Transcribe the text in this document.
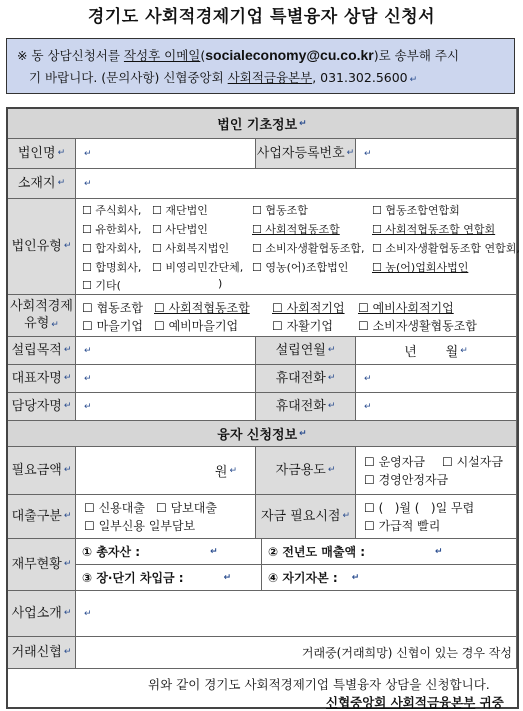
경기도 사회적경제기업 특별융자 상담 신청서
※ 동 상담신청서를 작성후 이메일(socialeconomy@cu.co.kr)로 송부해 주시
기 바랍니다. (문의사항) 신협중앙회 사회적금융본부, 031.302.5600 ↵
법인 기초정보 ↵
법인명 ↵ ↵	사업자등록번호 ↵ ↵
소재지 ↵ ↵
법인유형 ↵
☐ 주식회사, ☐ 재단법인	☐ 협동조합	☐ 협동조합연합회
☐ 유한회사, ☐ 사단법인	☐ 사회적협동조합	☐ 사회적협동조합 연합회
☐ 합자회사, ☐ 사회복지법인 ☐ 소비자생활협동조합, ☐ 소비자생활협동조합 연합회,
☐ 합명회사, ☐ 비영리민간단체, ☐ 영농(어)조합법인 ☐ 농(어)업회사법인
☐ 기타(	)
사회적경제
유형 ↵
☐ 협동조합 ☐ 사회적협동조합 ☐ 사회적기업 ☐ 예비사회적기업
☐ 마을기업 ☐ 예비마을기업	☐ 자활기업 ☐ 소비자생활협동조합
설립목적 ↵ ↵	설립연월 ↵	년       월 ↵
대표자명 ↵ ↵	휴대전화 ↵	↵
담당자명 ↵ ↵	휴대전화 ↵	↵
융자 신청정보 ↵
필요금액 ↵	원 ↵	자금용도 ↵
☐ 운영자금 ☐ 시설자금
☐ 경영안정자금
대출구분 ↵
☐ 신용대출 ☐ 담보대출
☐ 일부신용 일부담보
자금 필요시점 ↵
☐ (   )월 (   )일 무렵
☐ 가급적 빨리
재무현황 ↵
① 총자산 :	↵	② 전년도 매출액 :	↵
③ 장·단기 차입금 :	↵	④ 자기자본 : ↵
사업소개 ↵ ↵
거래신협 ↵	거래중(거래희망) 신협이 있는 경우 작성
위와 같이 경기도 사회적경제기업 특별융자 상담을 신청합니다.
신협중앙회 사회적금융본부 귀중
